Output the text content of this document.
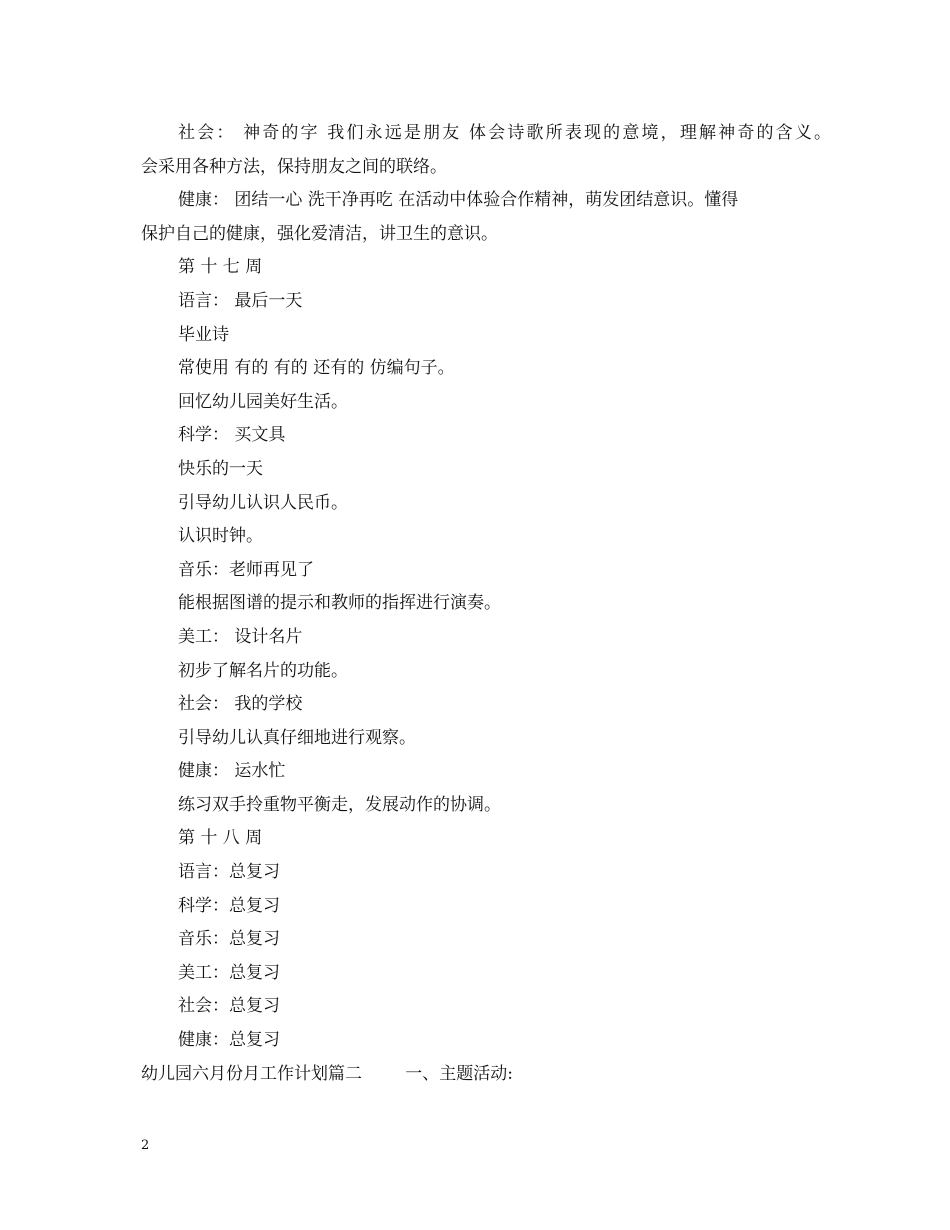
社会： 神奇的字 我们永远是朋友 体会诗歌所表现的意境，理解神奇的含义。
会采用各种方法，保持朋友之间的联络。
健康： 团结一心 洗干净再吃 在活动中体验合作精神，萌发团结意识。懂得
保护自己的健康，强化爱清洁，讲卫生的意识。
第 十 七 周
语言： 最后一天
毕业诗
常使用 有的 有的 还有的 仿编句子。
回忆幼儿园美好生活。
科学： 买文具
快乐的一天
引导幼儿认识人民币。
认识时钟。
音乐：老师再见了
能根据图谱的提示和教师的指挥进行演奏。
美工： 设计名片
初步了解名片的功能。
社会： 我的学校
引导幼儿认真仔细地进行观察。
健康： 运水忙
练习双手拎重物平衡走，发展动作的协调。
第 十 八 周
语言：总复习
科学：总复习
音乐：总复习
美工：总复习
社会：总复习
健康：总复习
幼儿园六月份月工作计划篇二        一、主题活动:
2
